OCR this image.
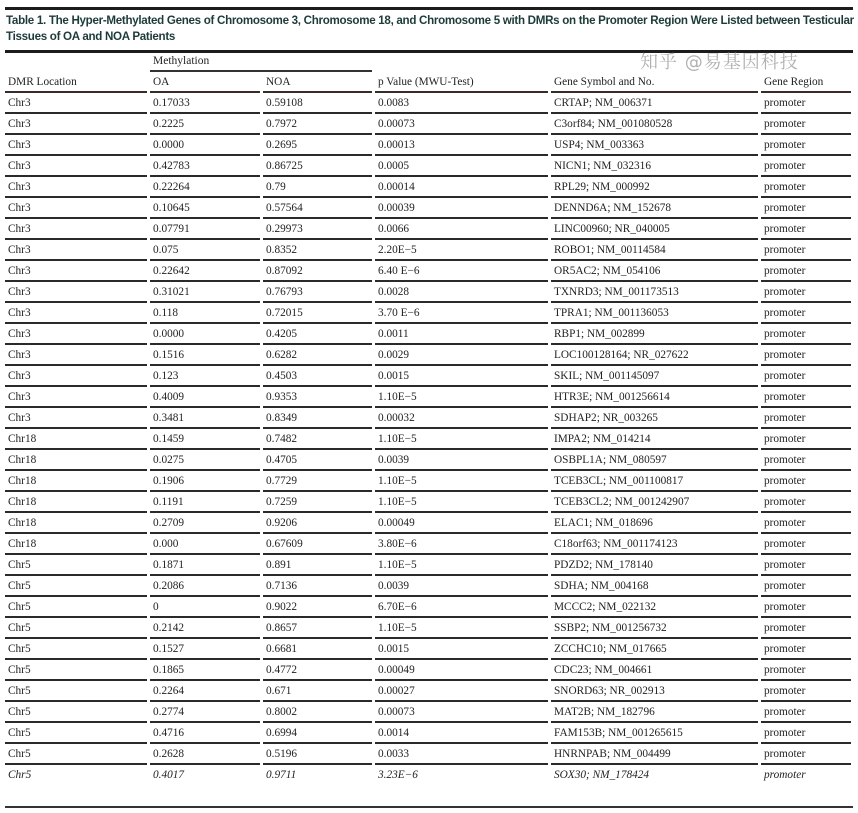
Table 1. The Hyper-Methylated Genes of Chromosome 3, Chromosome 18, and Chromosome 5 with DMRs on the Promoter Region Were Listed between Testicular Tissues of OA and NOA Patients
Methylation
DMR Location	OA	NOA	p Value (MWU-Test)	Gene Symbol and No.	Gene Region
Chr3	0.17033	0.59108	0.0083	CRTAP; NM_006371	promoter
Chr3	0.2225	0.7972	0.00073	C3orf84; NM_001080528	promoter
Chr3	0.0000	0.2695	0.00013	USP4; NM_003363	promoter
Chr3	0.42783	0.86725	0.0005	NICN1; NM_032316	promoter
Chr3	0.22264	0.79	0.00014	RPL29; NM_000992	promoter
Chr3	0.10645	0.57564	0.00039	DENND6A; NM_152678	promoter
Chr3	0.07791	0.29973	0.0066	LINC00960; NR_040005	promoter
Chr3	0.075	0.8352	2.20E−5	ROBO1; NM_00114584	promoter
Chr3	0.22642	0.87092	6.40 E−6	OR5AC2; NM_054106	promoter
Chr3	0.31021	0.76793	0.0028	TXNRD3; NM_001173513	promoter
Chr3	0.118	0.72015	3.70 E−6	TPRA1; NM_001136053	promoter
Chr3	0.0000	0.4205	0.0011	RBP1; NM_002899	promoter
Chr3	0.1516	0.6282	0.0029	LOC100128164; NR_027622	promoter
Chr3	0.123	0.4503	0.0015	SKIL; NM_001145097	promoter
Chr3	0.4009	0.9353	1.10E−5	HTR3E; NM_001256614	promoter
Chr3	0.3481	0.8349	0.00032	SDHAP2; NR_003265	promoter
Chr18	0.1459	0.7482	1.10E−5	IMPA2; NM_014214	promoter
Chr18	0.0275	0.4705	0.0039	OSBPL1A; NM_080597	promoter
Chr18	0.1906	0.7729	1.10E−5	TCEB3CL; NM_001100817	promoter
Chr18	0.1191	0.7259	1.10E−5	TCEB3CL2; NM_001242907	promoter
Chr18	0.2709	0.9206	0.00049	ELAC1; NM_018696	promoter
Chr18	0.000	0.67609	3.80E−6	C18orf63; NM_001174123	promoter
Chr5	0.1871	0.891	1.10E−5	PDZD2; NM_178140	promoter
Chr5	0.2086	0.7136	0.0039	SDHA; NM_004168	promoter
Chr5	0	0.9022	6.70E−6	MCCC2; NM_022132	promoter
Chr5	0.2142	0.8657	1.10E−5	SSBP2; NM_001256732	promoter
Chr5	0.1527	0.6681	0.0015	ZCCHC10; NM_017665	promoter
Chr5	0.1865	0.4772	0.00049	CDC23; NM_004661	promoter
Chr5	0.2264	0.671	0.00027	SNORD63; NR_002913	promoter
Chr5	0.2774	0.8002	0.00073	MAT2B; NM_182796	promoter
Chr5	0.4716	0.6994	0.0014	FAM153B; NM_001265615	promoter
Chr5	0.2628	0.5196	0.0033	HNRNPAB; NM_004499	promoter
Chr5	0.4017	0.9711	3.23E−6	SOX30; NM_178424	promoter
知乎 @易基因科技
